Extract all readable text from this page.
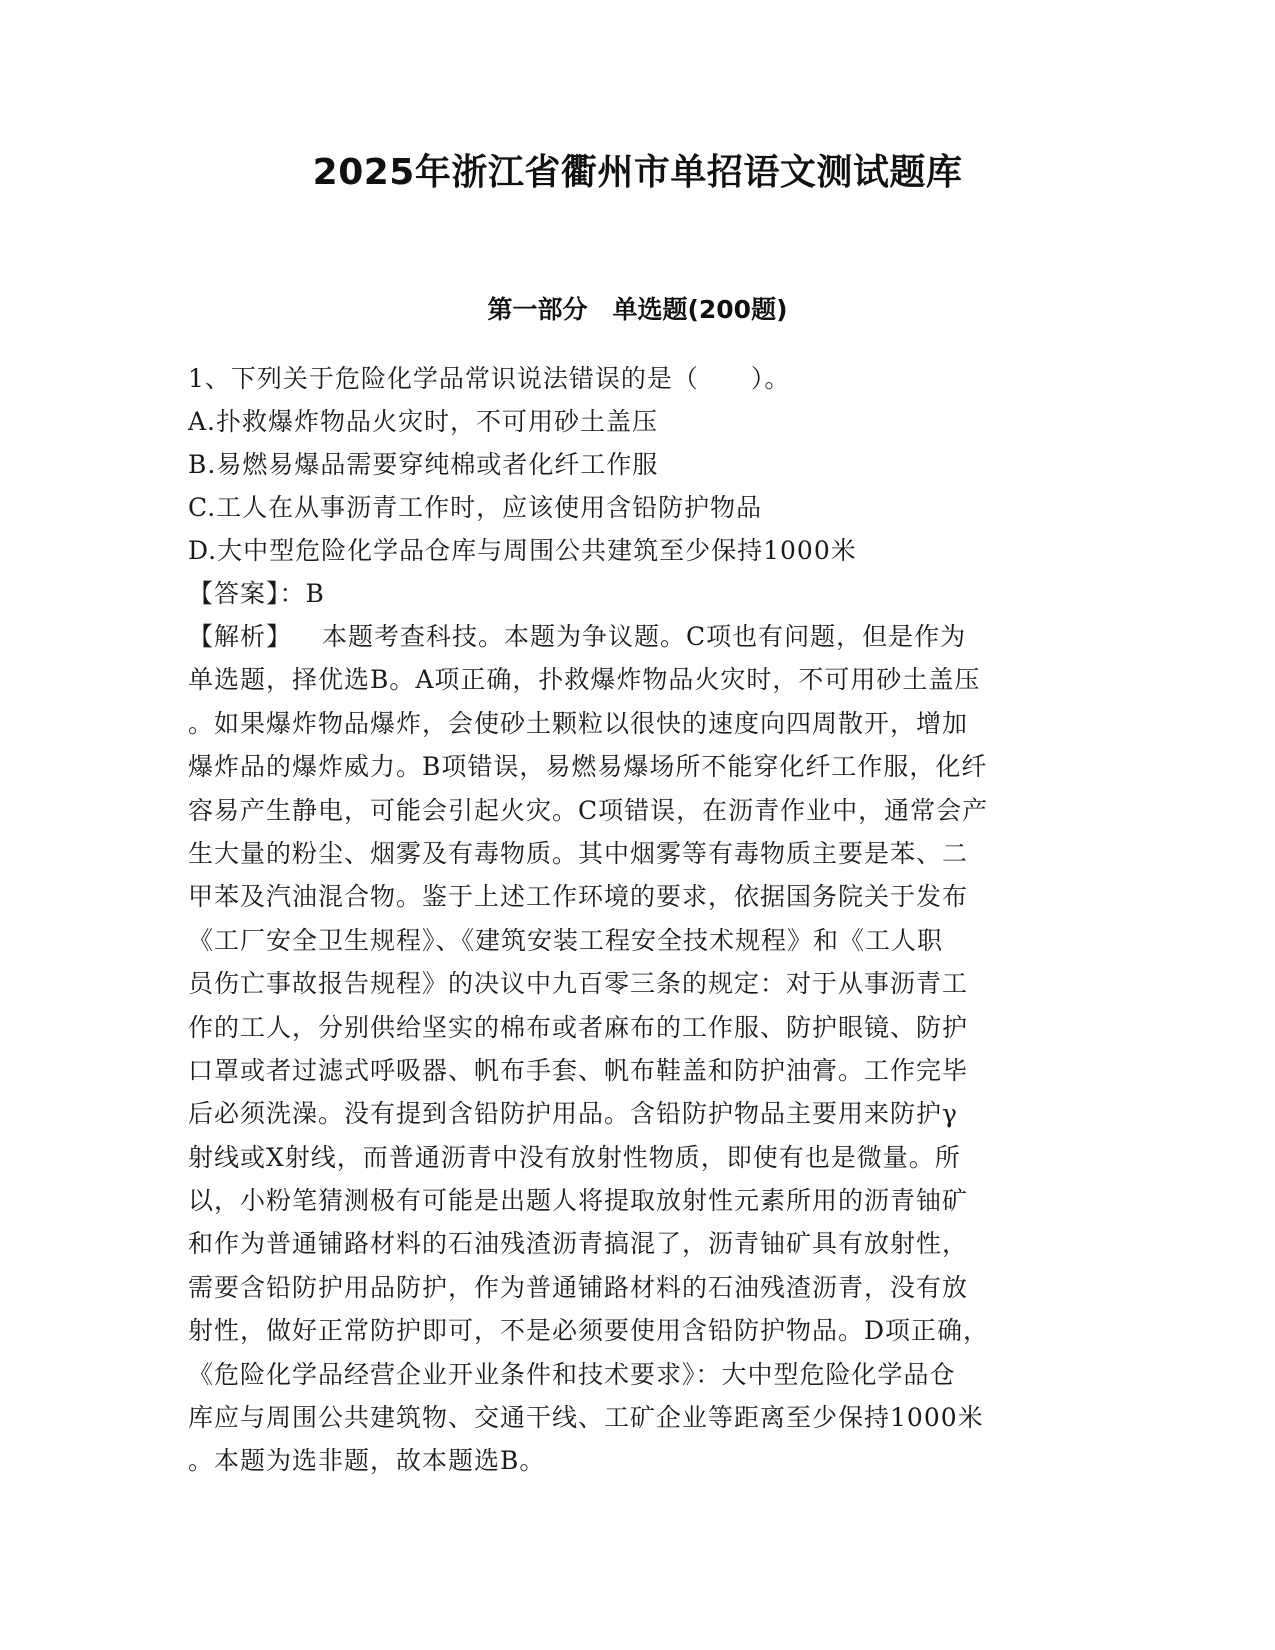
2025年浙江省衢州市单招语文测试题库
第一部分　单选题(200题)
1、下列关于危险化学品常识说法错误的是（　　）。
A.扑救爆炸物品火灾时，不可用砂土盖压
B.易燃易爆品需要穿纯棉或者化纤工作服
C.工人在从事沥青工作时，应该使用含铅防护物品
D.大中型危险化学品仓库与周围公共建筑至少保持1000米
【答案】：B
【解析】 本题考查科技。本题为争议题。C项也有问题，但是作为
单选题，择优选B。A项正确，扑救爆炸物品火灾时，不可用砂土盖压
。如果爆炸物品爆炸，会使砂土颗粒以很快的速度向四周散开，增加
爆炸品的爆炸威力。B项错误，易燃易爆场所不能穿化纤工作服，化纤
容易产生静电，可能会引起火灾。C项错误，在沥青作业中，通常会产
生大量的粉尘、烟雾及有毒物质。其中烟雾等有毒物质主要是苯、二
甲苯及汽油混合物。鉴于上述工作环境的要求，依据国务院关于发布
《工厂安全卫生规程》、《建筑安装工程安全技术规程》和《工人职
员伤亡事故报告规程》的决议中九百零三条的规定：对于从事沥青工
作的工人，分别供给坚实的棉布或者麻布的工作服、防护眼镜、防护
口罩或者过滤式呼吸器、帆布手套、帆布鞋盖和防护油膏。工作完毕
后必须洗澡。没有提到含铅防护用品。含铅防护物品主要用来防护γ
射线或X射线，而普通沥青中没有放射性物质，即使有也是微量。所
以，小粉笔猜测极有可能是出题人将提取放射性元素所用的沥青铀矿
和作为普通铺路材料的石油残渣沥青搞混了，沥青铀矿具有放射性，
需要含铅防护用品防护，作为普通铺路材料的石油残渣沥青，没有放
射性，做好正常防护即可，不是必须要使用含铅防护物品。D项正确，
《危险化学品经营企业开业条件和技术要求》：大中型危险化学品仓
库应与周围公共建筑物、交通干线、工矿企业等距离至少保持1000米
。本题为选非题，故本题选B。
